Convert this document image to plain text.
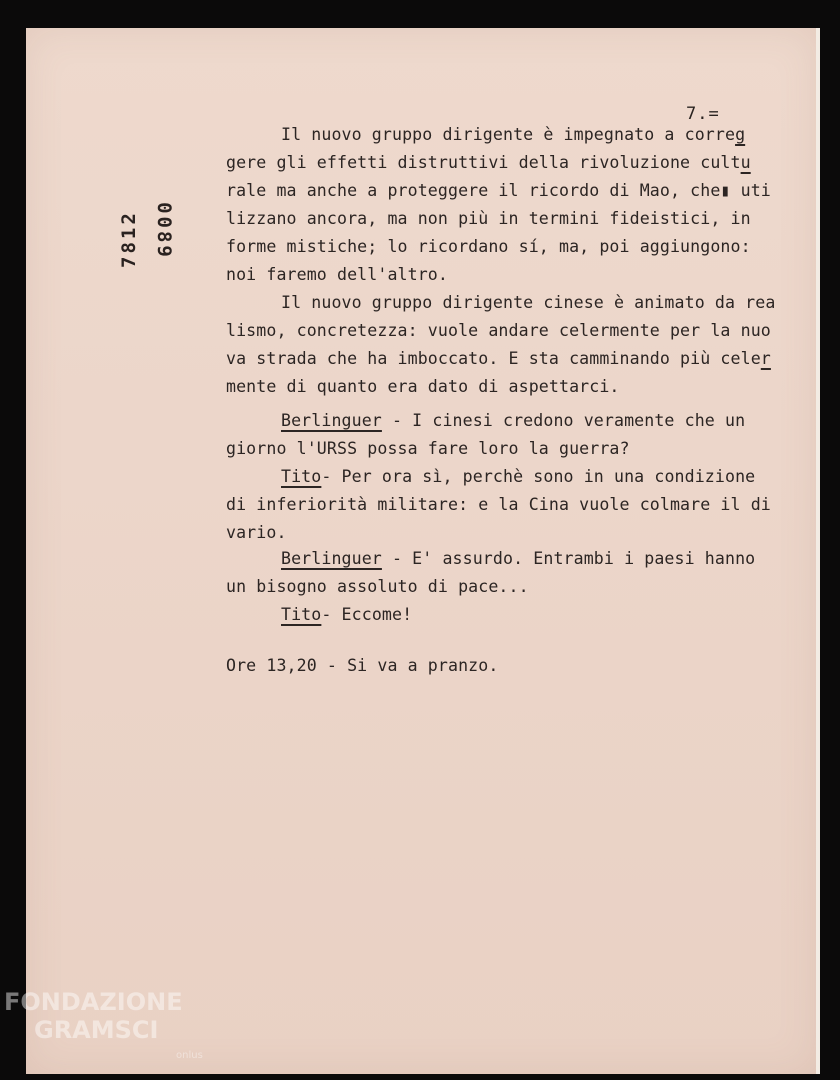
7.=
Il nuovo gruppo dirigente è impegnato a correg
gere gli effetti distruttivi della rivoluzione cultu
rale ma anche a proteggere il ricordo di Mao, che▮ uti
lizzano ancora, ma non più in termini fideistici, in
forme mistiche; lo ricordano sí, ma, poi aggiungono:
noi faremo dell'altro.
Il nuovo gruppo dirigente cinese è animato da rea
lismo, concretezza: vuole andare celermente per la nuo
va strada che ha imboccato. E sta camminando più celer
mente di quanto era dato di aspettarci.
Berlinguer - I cinesi credono veramente che un
giorno l'URSS possa fare loro la guerra?
Tito- Per ora sì, perchè sono in una condizione
di inferiorità militare: e la Cina vuole colmare il di
vario.
Berlinguer - E' assurdo. Entrambi i paesi hanno
un bisogno assoluto di pace...
Tito- Eccome!
Ore 13,20 - Si va a pranzo.
7812 0089
FONDAZIONE
GRAMSCI
onlus
